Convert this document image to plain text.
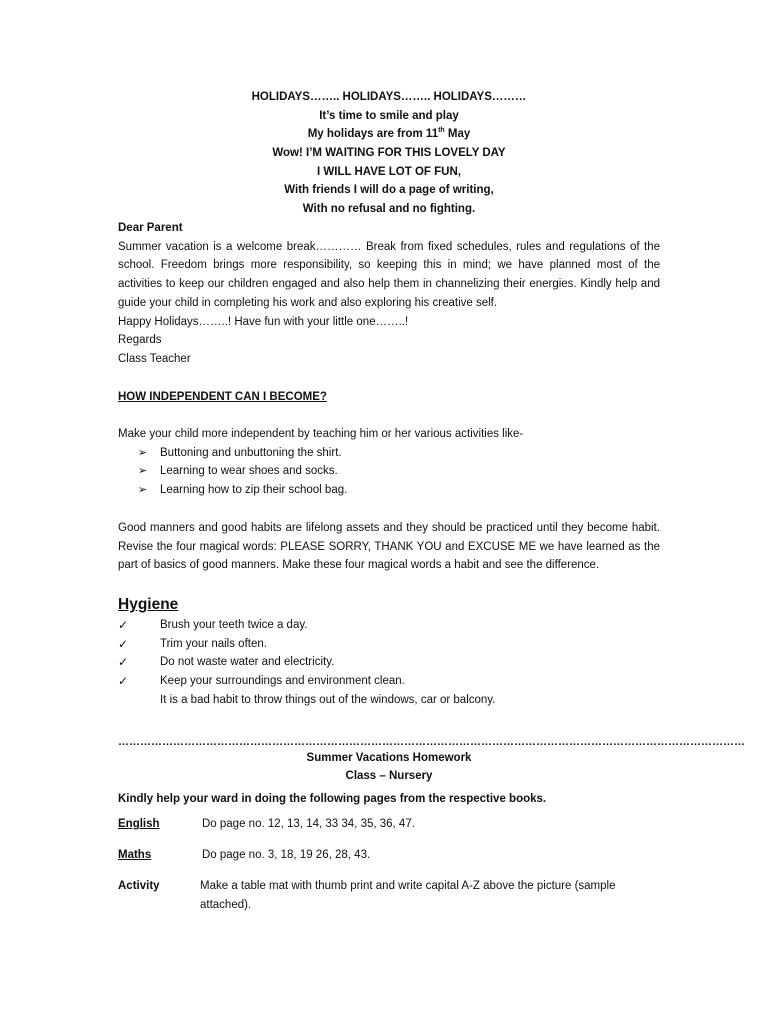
HOLIDAYS…….. HOLIDAYS…….. HOLIDAYS………
It’s time to smile and play
My holidays are from 11th May
Wow! I’M WAITING FOR THIS LOVELY DAY
I WILL HAVE LOT OF FUN,
With friends I will do a page of writing,
With no refusal and no fighting.
Dear Parent
Summer vacation is a welcome break………… Break from fixed schedules, rules and regulations of the school. Freedom brings more responsibility, so keeping this in mind; we have planned most of the activities to keep our children engaged and also help them in channelizing their energies. Kindly help and guide your child in completing his work and also exploring his creative self.
Happy Holidays……..! Have fun with your little one……..!
Regards
Class Teacher
HOW INDEPENDENT CAN I BECOME?
Make your child more independent by teaching him or her various activities like-
➢ Buttoning and unbuttoning the shirt.
➢ Learning to wear shoes and socks.
➢ Learning how to zip their school bag.
Good manners and good habits are lifelong assets and they should be practiced until they become habit. Revise the four magical words: PLEASE SORRY, THANK YOU and EXCUSE ME we have learned as the part of basics of good manners. Make these four magical words a habit and see the difference.
Hygiene
✓	Brush your teeth twice a day.
✓	Trim your nails often.
✓	Do not waste water and electricity.
✓	Keep your surroundings and environment clean.
It is a bad habit to throw things out of the windows, car or balcony.
………………………………………………………………………………………………………………………………………………………
Summer Vacations Homework
Class – Nursery
Kindly help your ward in doing the following pages from the respective books.
English	Do page no. 12, 13, 14, 33 34, 35, 36, 47.
Maths	Do page no. 3, 18, 19 26, 28, 43.
Activity	Make a table mat with thumb print and write capital A-Z above the picture (sample attached).
